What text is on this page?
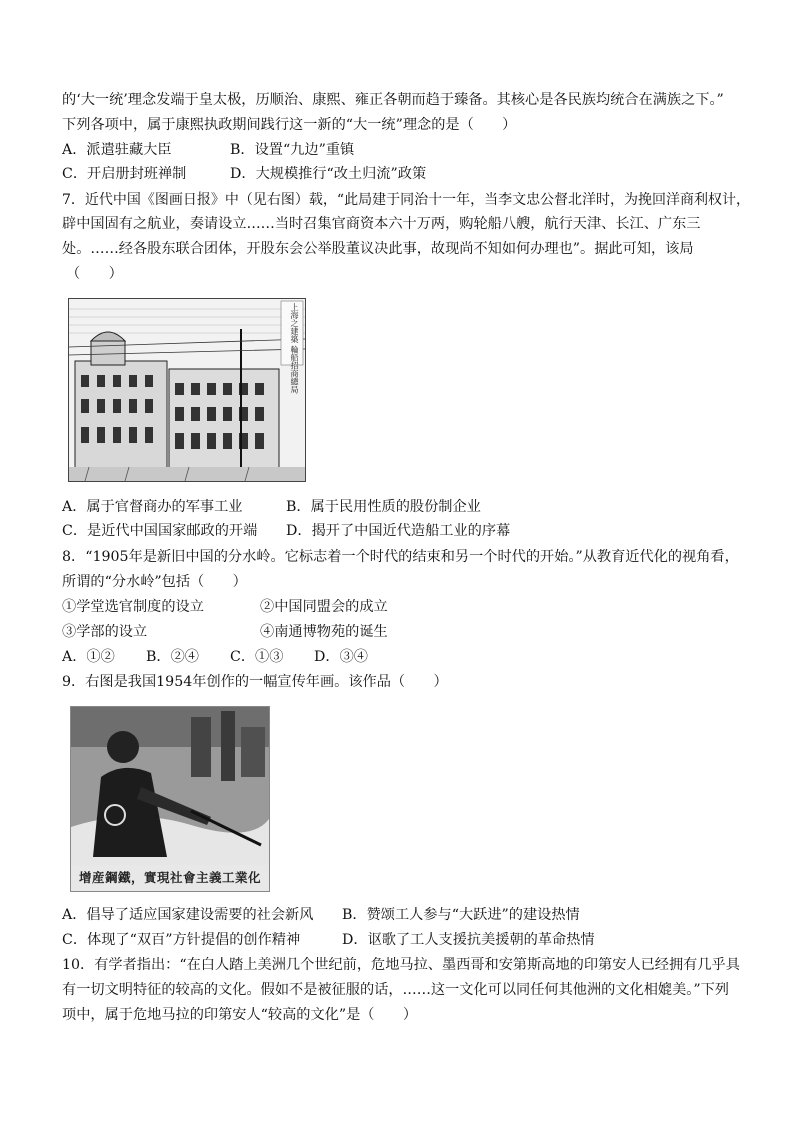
的‘大一统’理念发端于皇太极，历顺治、康熙、雍正各朝而趋于臻备。其核心是各民族均统合在满族之下。”
下列各项中，属于康熙执政期间践行这一新的“大一统”理念的是（　　）
A．派遣驻藏大臣	B．设置“九边”重镇
C．开启册封班禅制	D．大规模推行“改土归流”政策
7．近代中国《图画日报》中（见右图）载，“此局建于同治十一年，当李文忠公督北洋时，为挽回洋商利权计，
辟中国固有之航业，奏请设立……当时召集官商资本六十万两，购轮船八艘，航行天津、长江、广东三
处。……经各股东联合团体，开股东会公举股董议决此事，故现尚不知如何办理也”。据此可知，该局
（　　）
上海之建築 輪船招商總局
A．属于官督商办的军事工业	B．属于民用性质的股份制企业
C．是近代中国国家邮政的开端 D．揭开了中国近代造船工业的序幕
8．“1905年是新旧中国的分水岭。它标志着一个时代的结束和另一个时代的开始。”从教育近代化的视角看，
所谓的“分水岭”包括（　　）
①学堂选官制度的设立	②中国同盟会的成立
③学部的设立	④南通博物苑的诞生
A．①② B．②④ C．①③ D．③④
9．右图是我国1954年创作的一幅宣传年画。该作品（　　）
增産鋼鐵，實現社會主義工業化
A．倡导了适应国家建设需要的社会新风 B．赞颂工人参与“大跃进”的建设热情
C．体现了“双百”方针提倡的创作精神	D．讴歌了工人支援抗美援朝的革命热情
10．有学者指出：“在白人踏上美洲几个世纪前，危地马拉、墨西哥和安第斯高地的印第安人已经拥有几乎具
有一切文明特征的较高的文化。假如不是被征服的话，……这一文化可以同任何其他洲的文化相媲美。”下列
项中，属于危地马拉的印第安人“较高的文化”是（　　）
